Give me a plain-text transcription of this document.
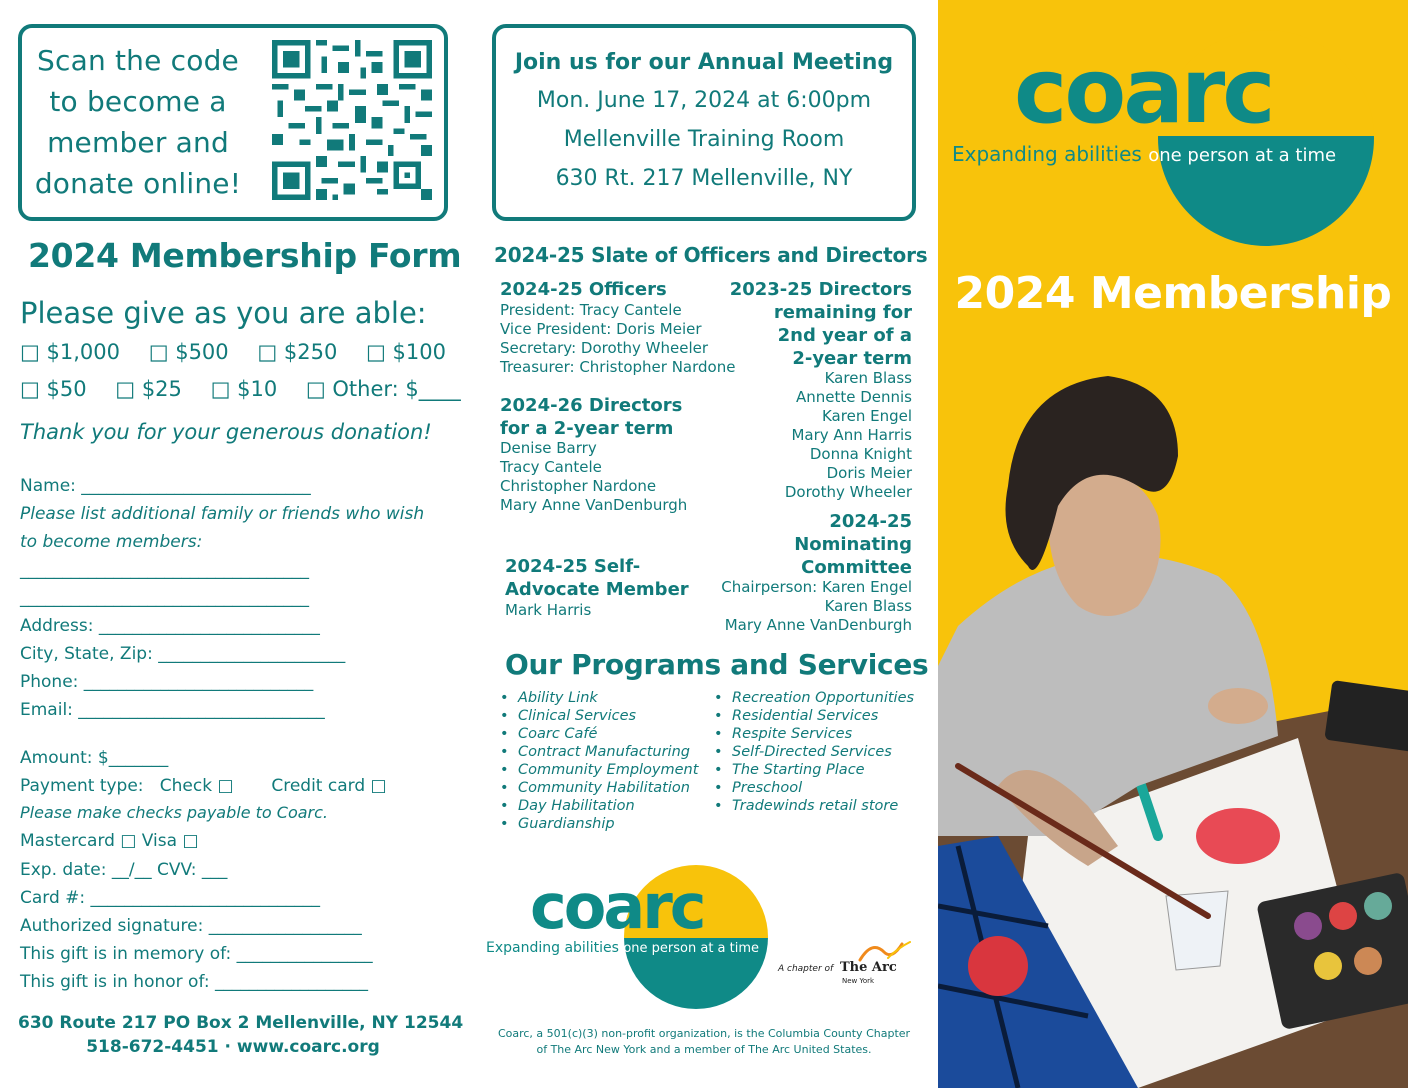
Scan the code
to become a
member and
donate online!
2024 Membership Form
Please give as you are able:
□ $1,000 □ $500 □ $250 □ $100
□ $50 □ $25 □ $10 □ Other: $____
Thank you for your generous donation!
Name: ___________________________
Please list additional family or friends who wish
to become members:
__________________________________
__________________________________
Address: __________________________
City, State, Zip: ______________________
Phone: ___________________________
Email: _____________________________
Amount: $_______
Payment type:   Check □       Credit card □
Please make checks payable to Coarc.
Mastercard □ Visa □
Exp. date: __/__ CVV: ___
Card #: ___________________________
Authorized signature: __________________
This gift is in memory of: ________________
This gift is in honor of: __________________
630 Route 217 PO Box 2 Mellenville, NY 12544
518-672-4451 · www.coarc.org
Join us for our Annual Meeting
Mon. June 17, 2024 at 6:00pm
Mellenville Training Room
630 Rt. 217 Mellenville, NY
2024-25 Slate of Officers and Directors
2024-25 Officers
President: Tracy Cantele
Vice President: Doris Meier
Secretary: Dorothy Wheeler
Treasurer: Christopher Nardone
2024-26 Directors
for a 2-year term
Denise Barry
Tracy Cantele
Christopher Nardone
Mary Anne VanDenburgh
2023-25 Directors
remaining for
2nd year of a
2-year term
Karen Blass
Annette Dennis
Karen Engel
Mary Ann Harris
Donna Knight
Doris Meier
Dorothy Wheeler
2024-25
Nominating
Committee
Chairperson: Karen Engel
Karen Blass
Mary Anne VanDenburgh
2024-25 Self-
Advocate Member
Mark Harris
Our Programs and Services
• Ability Link
• Clinical Services
• Coarc Café
• Contract Manufacturing
• Community Employment
• Community Habilitation
• Day Habilitation
• Guardianship
• Recreation Opportunities
• Residential Services
• Respite Services
• Self-Directed Services
• The Starting Place
• Preschool
• Tradewinds retail store
coarc
Expanding abilities one person at a time
A chapter of The Arc
New York
Coarc, a 501(c)(3) non-profit organization, is the Columbia County Chapter
of The Arc New York and a member of The Arc United States.
coarc
Expanding abilities one person at a time
2024 Membership
